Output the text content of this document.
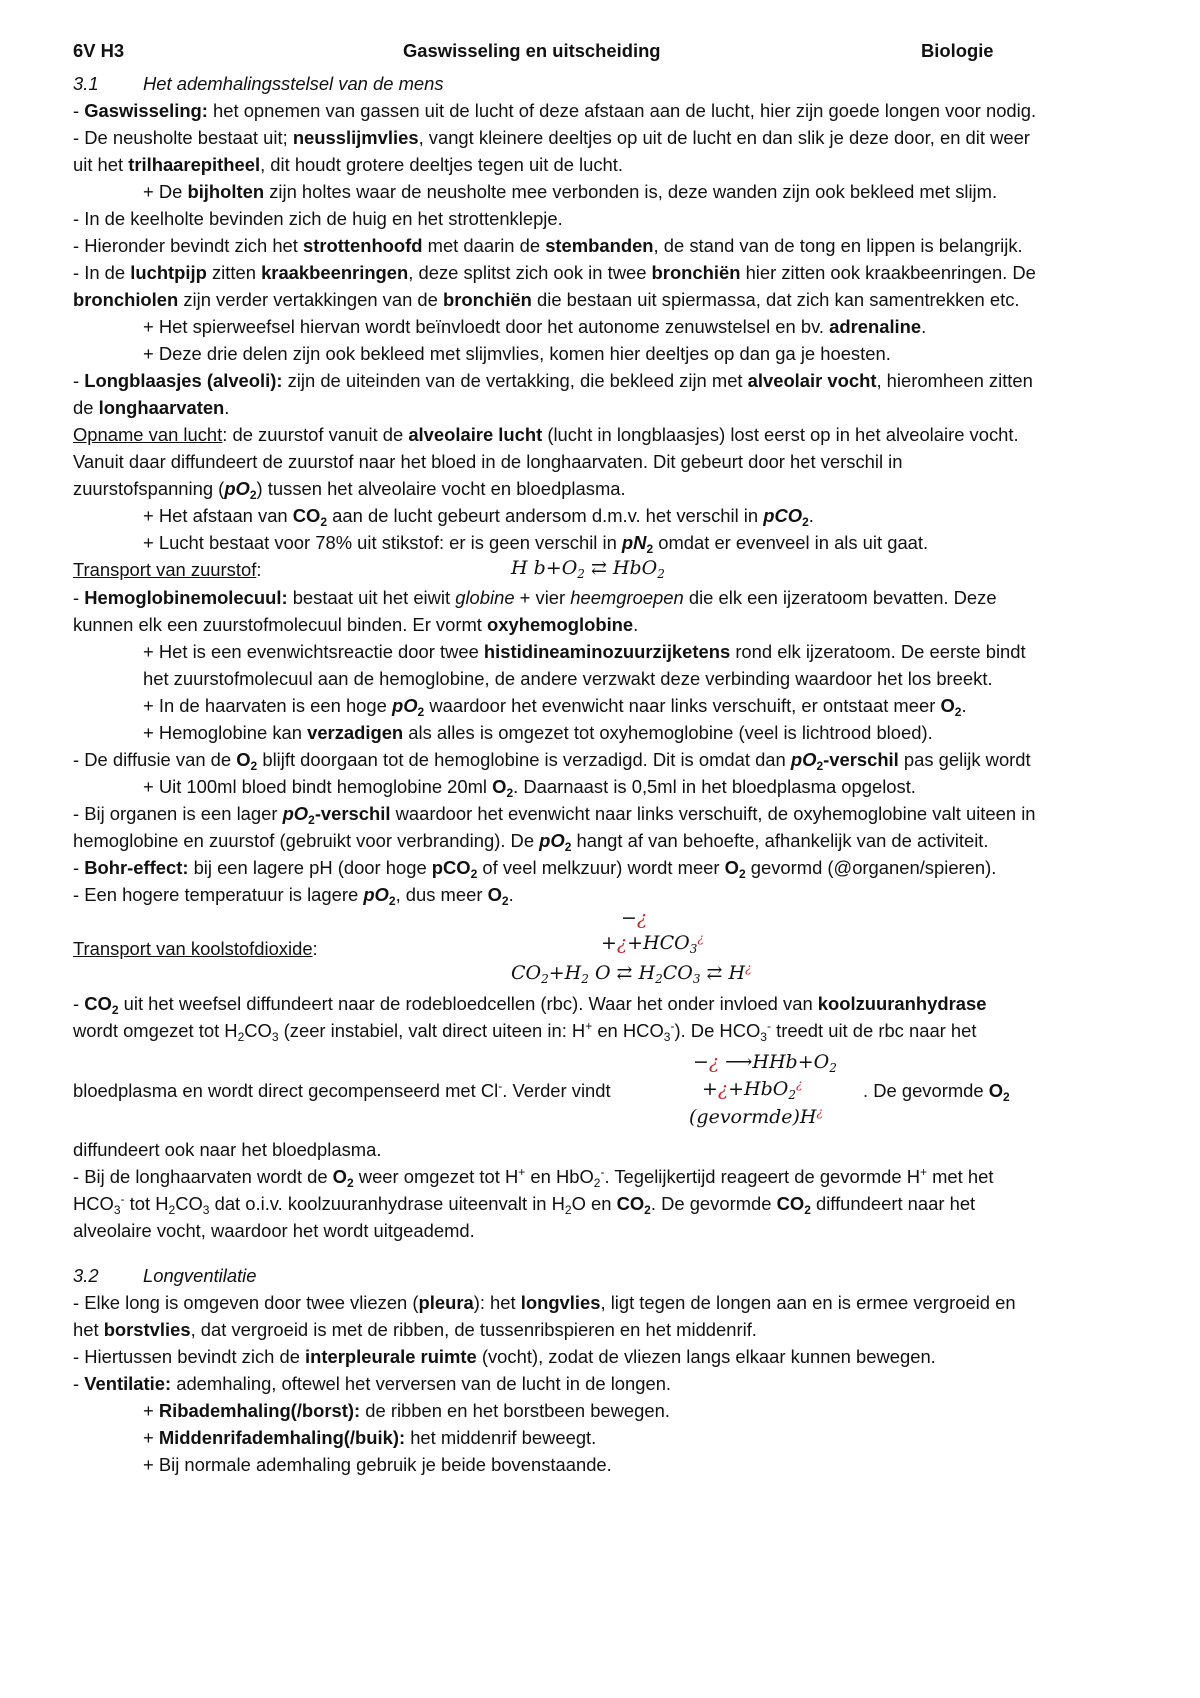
6V H3	Gaswisseling en uitscheiding	Biologie
3.1 Het ademhalingsstelsel van de mens
- Gaswisseling: het opnemen van gassen uit de lucht of deze afstaan aan de lucht, hier zijn goede longen voor nodig.
- De neusholte bestaat uit; neusslijmvlies, vangt kleinere deeltjes op uit de lucht en dan slik je deze door, en dit weer
uit het trilhaarepitheel, dit houdt grotere deeltjes tegen uit de lucht.
+ De bijholten zijn holtes waar de neusholte mee verbonden is, deze wanden zijn ook bekleed met slijm.
- In de keelholte bevinden zich de huig en het strottenklepje.
- Hieronder bevindt zich het strottenhoofd met daarin de stembanden, de stand van de tong en lippen is belangrijk.
- In de luchtpijp zitten kraakbeenringen, deze splitst zich ook in twee bronchiën hier zitten ook kraakbeenringen. De
bronchiolen zijn verder vertakkingen van de bronchiën die bestaan uit spiermassa, dat zich kan samentrekken etc.
+ Het spierweefsel hiervan wordt beïnvloedt door het autonome zenuwstelsel en bv. adrenaline.
+ Deze drie delen zijn ook bekleed met slijmvlies, komen hier deeltjes op dan ga je hoesten.
- Longblaasjes (alveoli): zijn de uiteinden van de vertakking, die bekleed zijn met alveolair vocht, hieromheen zitten
de longhaarvaten.
Opname van lucht: de zuurstof vanuit de alveolaire lucht (lucht in longblaasjes) lost eerst op in het alveolaire vocht.
Vanuit daar diffundeert de zuurstof naar het bloed in de longhaarvaten. Dit gebeurt door het verschil in
zuurstofspanning $(pO_2)$ tussen het alveolaire vocht en bloedplasma.
+ Het afstaan van $CO_2$ aan de lucht gebeurt andersom d.m.v. het verschil in pCO$_2$.
+ Lucht bestaat voor 78% uit stikstof: er is geen verschil in $pN_2$ omdat er evenveel in als uit gaat.
Transport van zuurstof:	H $b+O_2$ ⇄ HbO$_2$
- Hemoglobinemolecuul: bestaat uit het eiwit globine + vier heemgroepen die elk een ijzeratoom bevatten. Deze
kunnen elk een zuurstofmolecuul binden. Er vormt oxyhemoglobine.
+ Het is een evenwichtsreactie door twee histidineaminozuurzijketens rond elk ijzeratoom. De eerste bindt
het zuurstofmolecuul aan de hemoglobine, de andere verzwakt deze verbinding waardoor het los breekt.
+ In de haarvaten is een hoge $pO_2$ waardoor het evenwicht naar links verschuift, er ontstaat meer $O_2$.
+ Hemoglobine kan verzadigen als alles is omgezet tot oxyhemoglobine (veel is lichtrood bloed).
- De diffusie van de $O_2$ blijft doorgaan tot de hemoglobine is verzadigd. Dit is omdat dan $pO_2$-verschil pas gelijk wordt
+ Uit 100ml bloed bindt hemoglobine 20ml $O_2$. Daarnaast is 0,5ml in het bloedplasma opgelost.
- Bij organen is een lager $pO_2$-verschil waardoor het evenwicht naar links verschuift, de oxyhemoglobine valt uiteen in
hemoglobine en zuurstof (gebruikt voor verbranding). De $pO_2$ hangt af van behoefte, afhankelijk van de activiteit.
- Bohr-effect: bij een lagere pH (door hoge pCO$_2$ of veel melkzuur) wordt meer $O_2$ gevormd (@organen/spieren).
- Een hogere temperatuur is lagere $pO_2$, dus meer $O_2$.
−¿
$+¿+HCO_3^¿$
Transport van koolstofdioxide:
$CO_2+H_2$ O ⇄ $H_2CO_3$ ⇄ H¿
- $CO_2$ uit het weefsel diffundeert naar de rodebloedcellen (rbc). Waar het onder invloed van koolzuuranhydrase
wordt omgezet tot $H_2CO_3$ (zeer instabiel, valt direct uiteen in: H+ en $HCO_3^-$). De $HCO_3^-$ treedt uit de rbc naar het
−¿ $⟶HHb+O_2$
bloedplasma en wordt direct gecompenseerd met Cl-. Verder vindt	+¿+HbO$_2$¿	. De gevormde $O_2$
(gevormde)H¿
diffundeert ook naar het bloedplasma.
- Bij de longhaarvaten wordt de $O_2$ weer omgezet tot H+ en HbO$_2$-. Tegelijkertijd reageert de gevormde H+ met het
$HCO_3^-$ tot $H_2CO_3$ dat o.i.v. koolzuuranhydrase uiteenvalt in $H_2O$ en $CO_2$. De gevormde $CO_2$ diffundeert naar het
alveolaire vocht, waardoor het wordt uitgeademd.
3.2 Longventilatie
- Elke long is omgeven door twee vliezen (pleura): het longvlies, ligt tegen de longen aan en is ermee vergroeid en
het borstvlies, dat vergroeid is met de ribben, de tussenribspieren en het middenrif.
- Hiertussen bevindt zich de interpleurale ruimte (vocht), zodat de vliezen langs elkaar kunnen bewegen.
- Ventilatie: ademhaling, oftewel het verversen van de lucht in de longen.
+ Ribademhaling(/borst): de ribben en het borstbeen bewegen.
+ Middenrifademhaling(/buik): het middenrif beweegt.
+ Bij normale ademhaling gebruik je beide bovenstaande.
